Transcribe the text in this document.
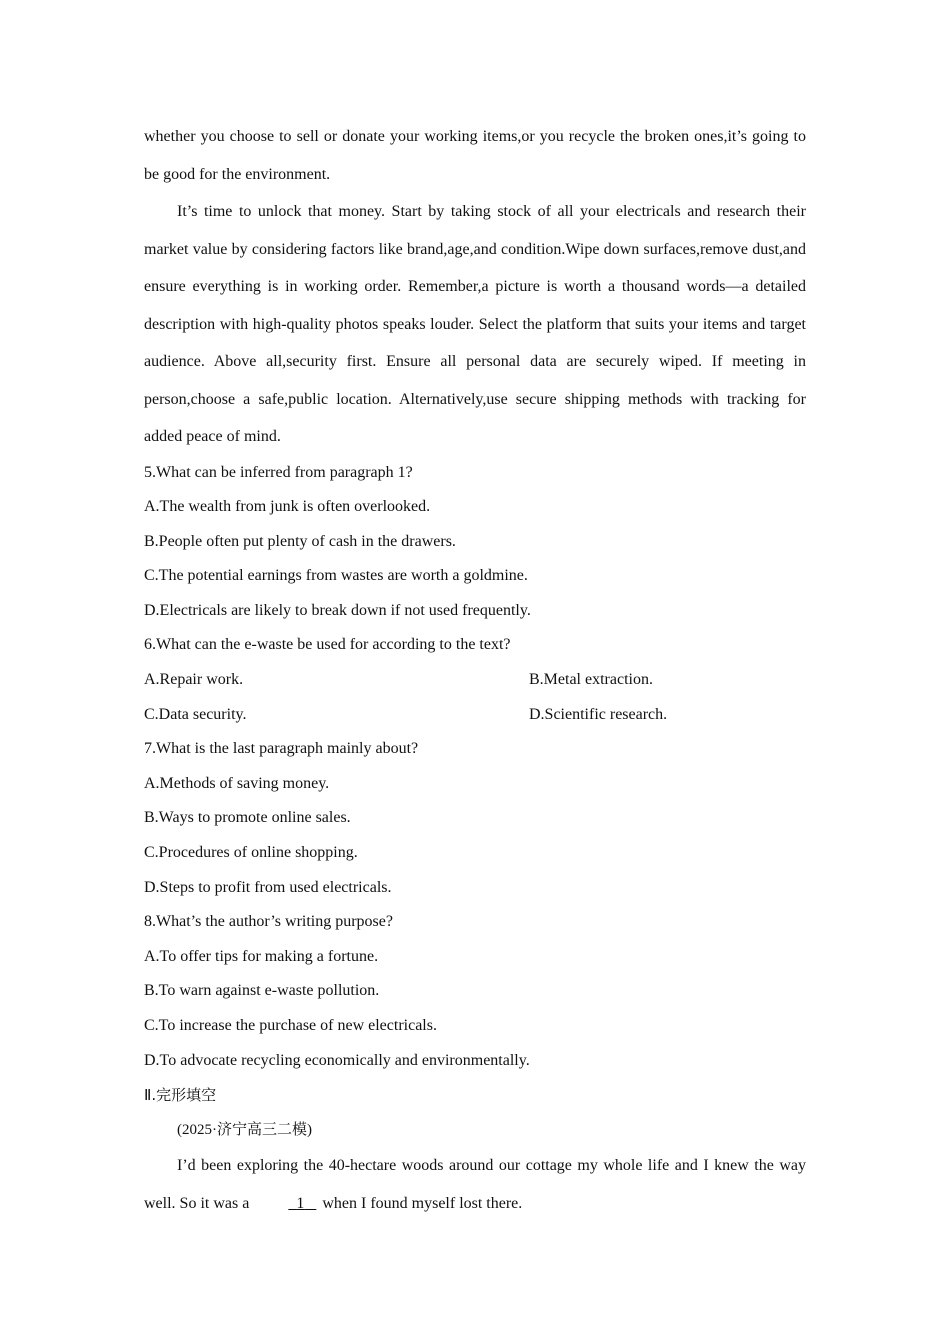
whether you choose to sell or donate your working items,or you recycle the broken ones,it’s going to be good for the environment.

It’s time to unlock that money. Start by taking stock of all your electricals and research their market value by considering factors like brand,age,and condition.Wipe down surfaces,remove dust,and ensure everything is in working order. Remember,a picture is worth a thousand words—a detailed description with high-quality photos speaks louder. Select the platform that suits your items and target audience. Above all,security first. Ensure all personal data are securely wiped. If meeting in person,choose a safe,public location. Alternatively,use secure shipping methods with tracking for added peace of mind.

5.What can be inferred from paragraph 1?

A.The wealth from junk is often overlooked.

B.People often put plenty of cash in the drawers.

C.The potential earnings from wastes are worth a goldmine.

D.Electricals are likely to break down if not used frequently.

6.What can the e-waste be used for according to the text?

A.Repair work.	B.Metal extraction.
C.Data security.	D.Scientific research.

7.What is the last paragraph mainly about?

A.Methods of saving money.

B.Ways to promote online sales.

C.Procedures of online shopping.

D.Steps to profit from used electricals.

8.What’s the author’s writing purpose?

A.To offer tips for making a fortune.

B.To warn against e-waste pollution.

C.To increase the purchase of new electricals.

D.To advocate recycling economically and environmentally.

Ⅱ.完形填空

(2025·济宁高三二模)

I’d been exploring the 40-hectare woods around our cottage my whole life and I knew the way well. So it was a	1    when I found myself lost there.
